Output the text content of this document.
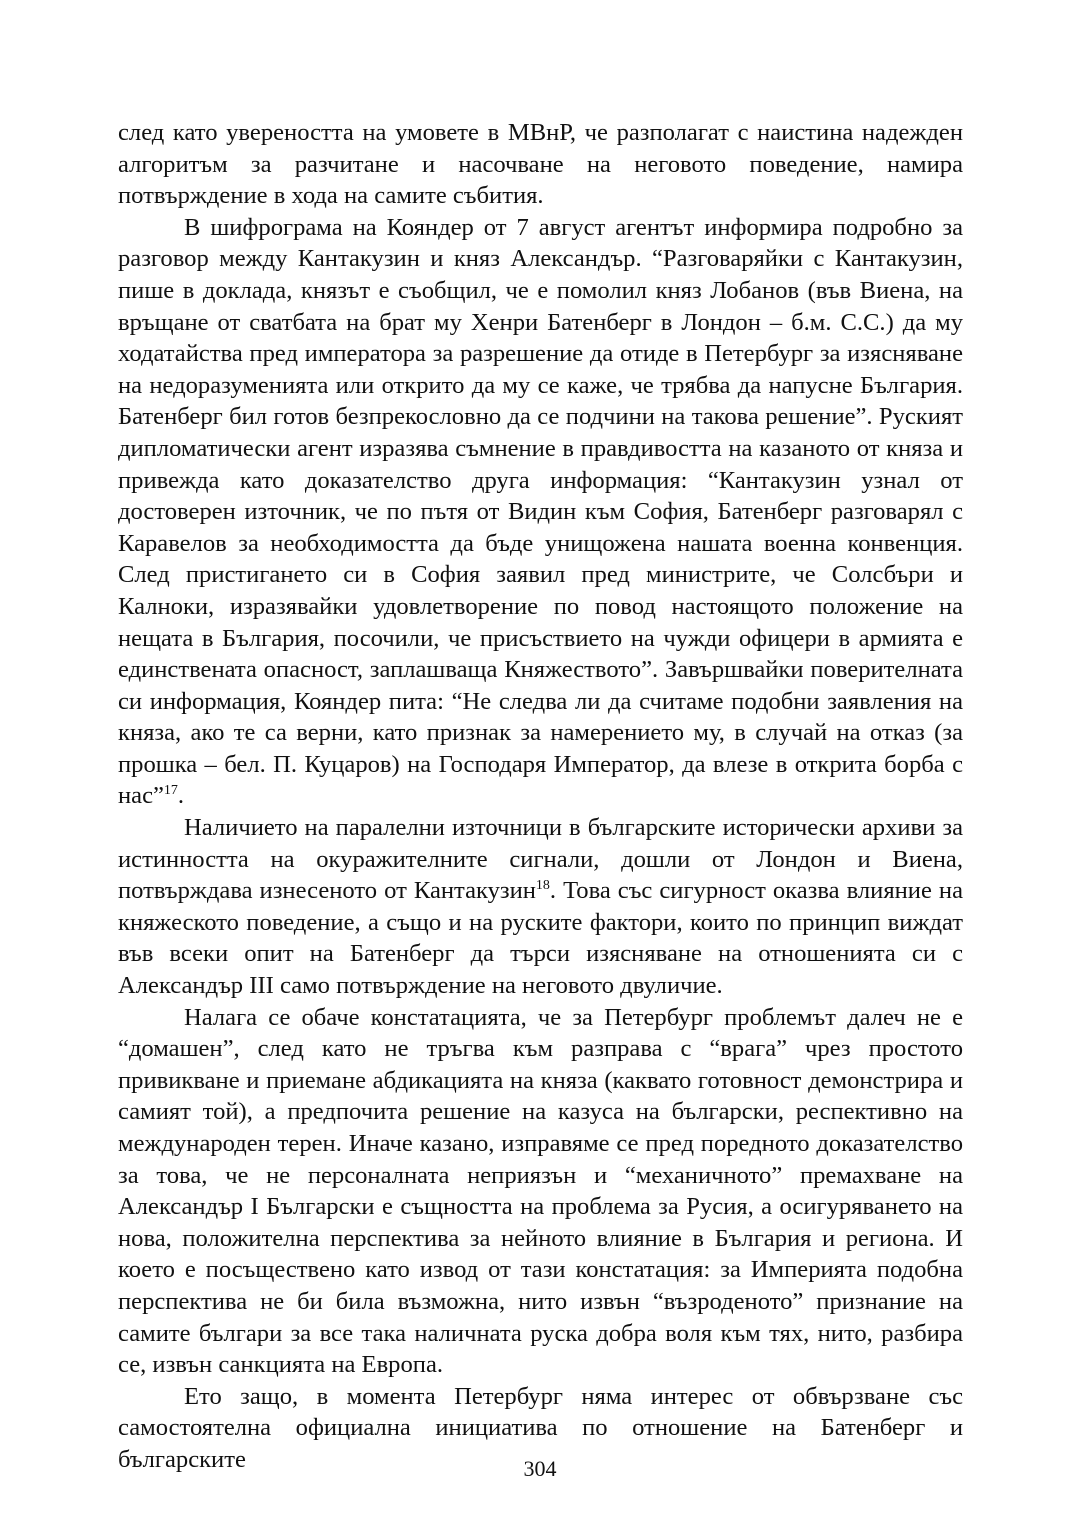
след като увереността на умовете в МВнР, че разполагат с наистина надежден алгоритъм за разчитане и насочване на неговото поведение, намира потвърждение в хода на самите събития.

В шифрограма на Кояндер от 7 август агентът информира подробно за разговор между Кантакузин и княз Александър. “Разговаряйки с Кантакузин, пише в доклада, князът е съобщил, че е помолил княз Лобанов (във Виена, на връщане от сватбата на брат му Хенри Батенберг в Лондон – б.м. С.С.) да му ходатайства пред императора за разрешение да отиде в Петербург за изясняване на недоразуменията или открито да му се каже, че трябва да напусне България. Батенберг бил готов безпрекословно да се подчини на такова решение”. Руският дипломатически агент изразява съмнение в правдивостта на казаното от княза и привежда като доказателство друга информация: “Кантакузин узнал от достоверен източник, че по пътя от Видин към София, Батенберг разговарял с Каравелов за необходимостта да бъде унищожена нашата военна конвенция. След пристигането си в София заявил пред министрите, че Солсбъри и Калноки, изразявайки удовлетворение по повод настоящото положение на нещата в България, посочили, че присъствието на чужди офицери в армията е единствената опасност, заплашваща Княжеството”. Завършвайки поверителната си информация, Кояндер пита: “Не следва ли да считаме подобни заявления на княза, ако те са верни, като признак за намерението му, в случай на отказ (за прошка – бел. П. Куцаров) на Господаря Император, да влезе в открита борба с нас”$^{17}$.

Наличието на паралелни източници в българските исторически архиви за истинността на окуражителните сигнали, дошли от Лондон и Виена, потвърждава изнесеното от Кантакузин$^{18}$. Това със сигурност оказва влияние на княжеското поведение, а също и на руските фактори, които по принцип виждат във всеки опит на Батенберг да търси изясняване на отношенията си с Александър III само потвърждение на неговото двуличие.

Налага се обаче констатацията, че за Петербург проблемът далеч не е “домашен”, след като не тръгва към разправа с “врага” чрез простото привикване и приемане абдикацията на княза (каквато готовност демонстрира и самият той), а предпочита решение на казуса на български, респективно на международен терен. Иначе казано, изправяме се пред поредното доказателство за това, че не персоналната неприязън и “механичното” премахване на Александър I Български е същността на проблема за Русия, а осигуряването на нова, положителна перспектива за нейното влияние в България и региона. И което е посъществено като извод от тази констатация: за Империята подобна перспектива не би била възможна, нито извън “възроденото” признание на самите българи за все така наличната руска добра воля към тях, нито, разбира се, извън санкцията на Европа.

Ето защо, в момента Петербург няма интерес от обвързване със самостоятелна официална инициатива по отношение на Батенберг и българските	304
